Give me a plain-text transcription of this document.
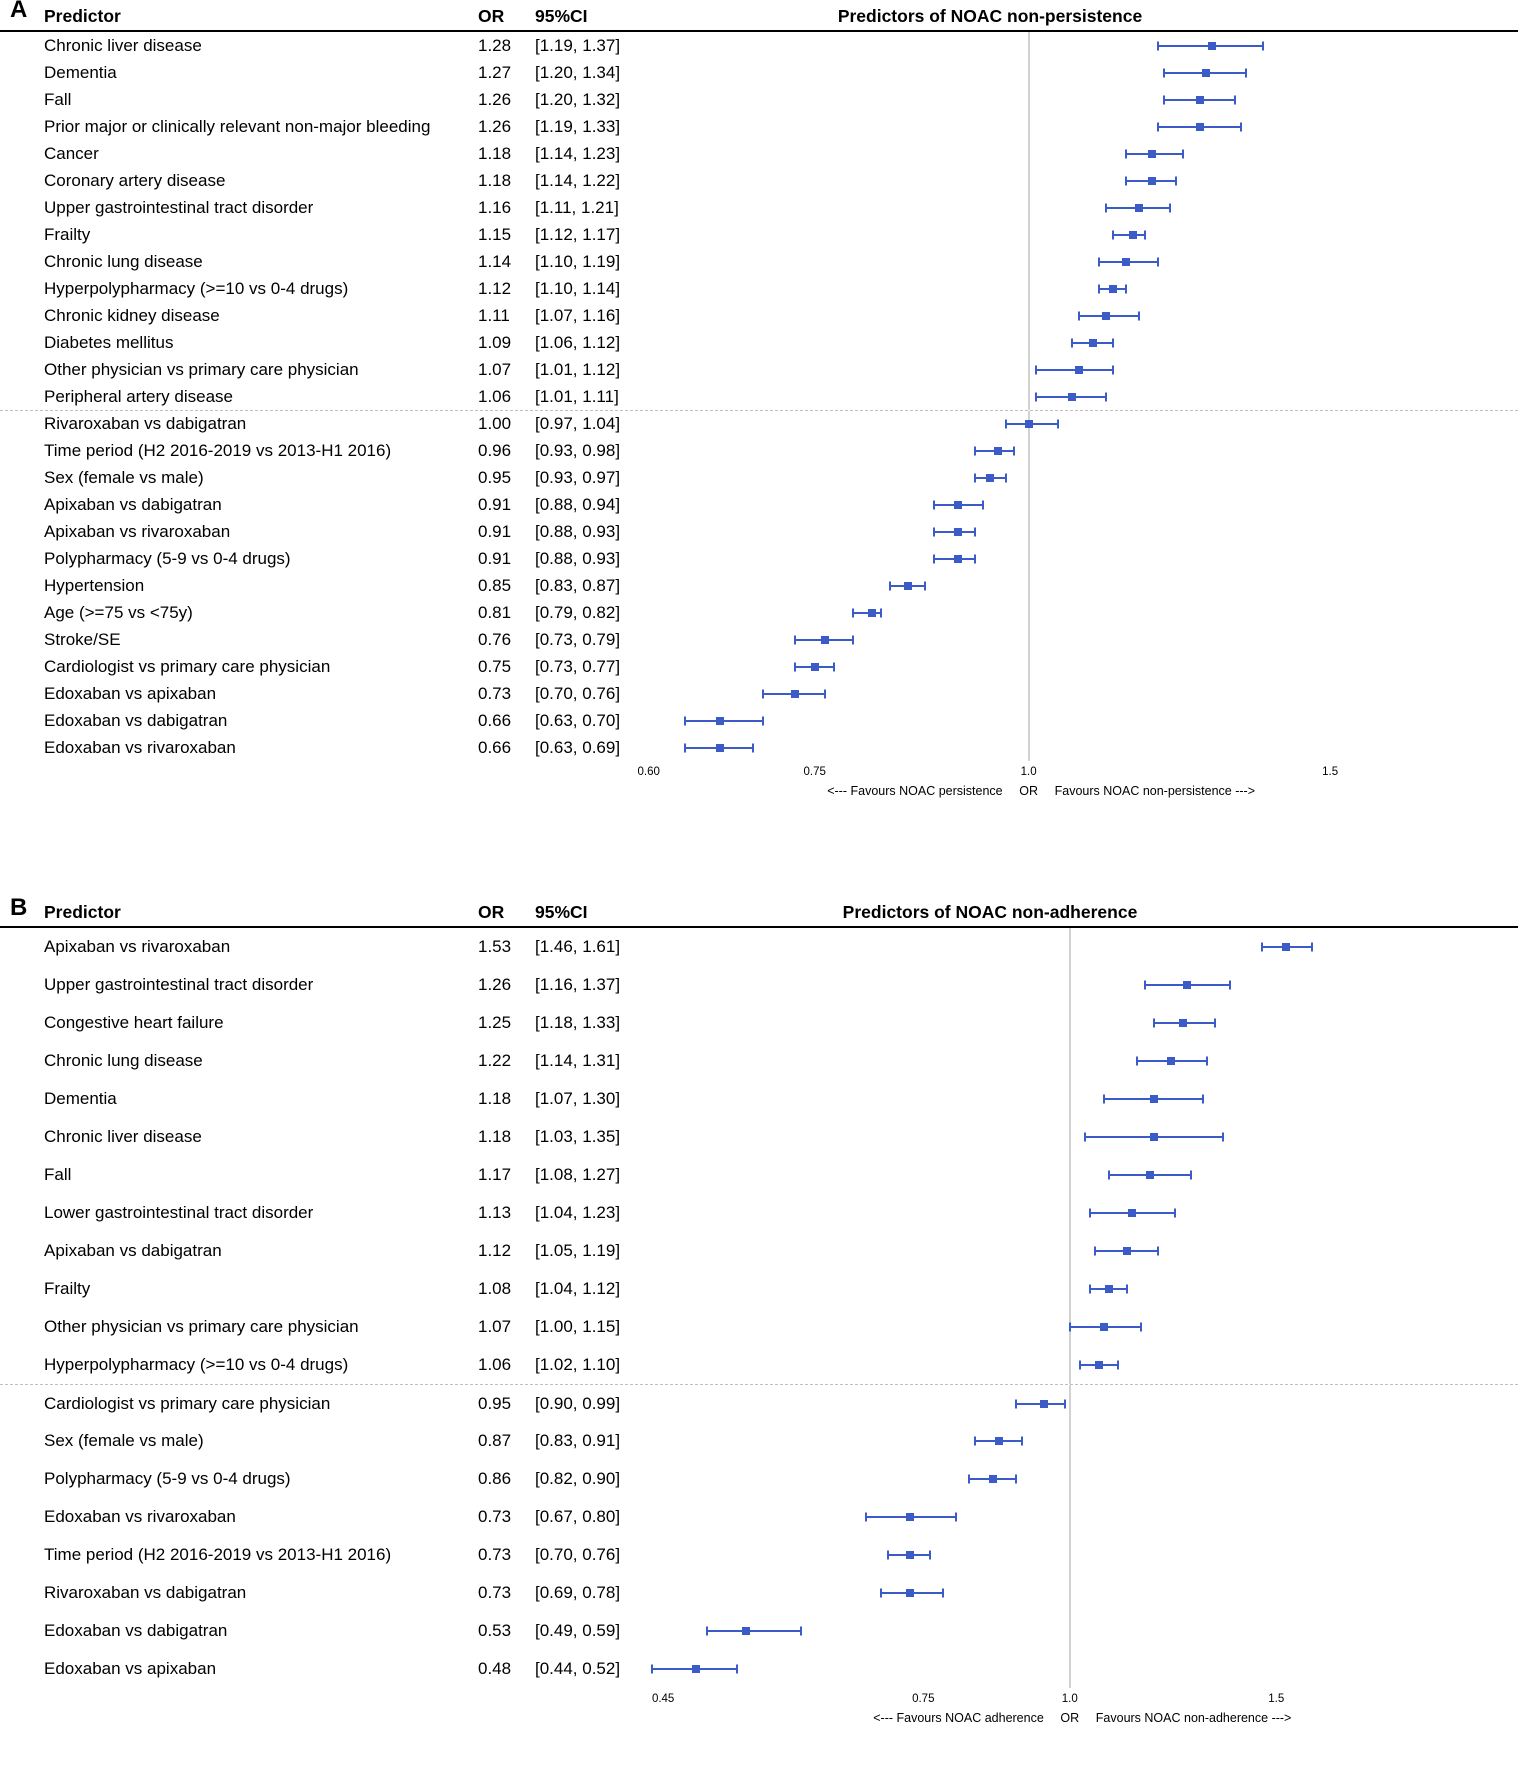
A Predictor	OR	95%CI	Predictors of NOAC non-persistence
Chronic liver disease	1.28	[1.19, 1.37]
Dementia	1.27	[1.20, 1.34]
Fall	1.26	[1.20, 1.32]
Prior major or clinically relevant non-major bleeding	1.26	[1.19, 1.33]
Cancer	1.18	[1.14, 1.23]
Coronary artery disease	1.18	[1.14, 1.22]
Upper gastrointestinal tract disorder	1.16	[1.11, 1.21]
Frailty	1.15	[1.12, 1.17]
Chronic lung disease	1.14	[1.10, 1.19]
Hyperpolypharmacy (>=10 vs 0-4 drugs)	1.12	[1.10, 1.14]
Chronic kidney disease	1.11	[1.07, 1.16]
Diabetes mellitus	1.09	[1.06, 1.12]
Other physician vs primary care physician	1.07	[1.01, 1.12]
Peripheral artery disease	1.06	[1.01, 1.11]
Rivaroxaban vs dabigatran	1.00	[0.97, 1.04]
Time period (H2 2016-2019 vs 2013-H1 2016)	0.96	[0.93, 0.98]
Sex (female vs male)	0.95	[0.93, 0.97]
Apixaban vs dabigatran	0.91	[0.88, 0.94]
Apixaban vs rivaroxaban	0.91	[0.88, 0.93]
Polypharmacy (5-9 vs 0-4 drugs)	0.91	[0.88, 0.93]
Hypertension	0.85	[0.83, 0.87]
Age (>=75 vs <75y)	0.81	[0.79, 0.82]
Stroke/SE	0.76	[0.73, 0.79]
Cardiologist vs primary care physician	0.75	[0.73, 0.77]
Edoxaban vs apixaban	0.73	[0.70, 0.76]
Edoxaban vs dabigatran	0.66	[0.63, 0.70]
Edoxaban vs rivaroxaban	0.66	[0.63, 0.69]
0.60	0.75	1.0	1.5
<--- Favours NOAC persistence OR Favours NOAC non-persistence --->
B Predictor	OR	95%CI	Predictors of NOAC non-adherence
Apixaban vs rivaroxaban	1.53	[1.46, 1.61]
Upper gastrointestinal tract disorder	1.26	[1.16, 1.37]
Congestive heart failure	1.25	[1.18, 1.33]
Chronic lung disease	1.22	[1.14, 1.31]
Dementia	1.18	[1.07, 1.30]
Chronic liver disease	1.18	[1.03, 1.35]
Fall	1.17	[1.08, 1.27]
Lower gastrointestinal tract disorder	1.13	[1.04, 1.23]
Apixaban vs dabigatran	1.12	[1.05, 1.19]
Frailty	1.08	[1.04, 1.12]
Other physician vs primary care physician	1.07	[1.00, 1.15]
Hyperpolypharmacy (>=10 vs 0-4 drugs)	1.06	[1.02, 1.10]
Cardiologist vs primary care physician	0.95	[0.90, 0.99]
Sex (female vs male)	0.87	[0.83, 0.91]
Polypharmacy (5-9 vs 0-4 drugs)	0.86	[0.82, 0.90]
Edoxaban vs rivaroxaban	0.73	[0.67, 0.80]
Time period (H2 2016-2019 vs 2013-H1 2016)	0.73	[0.70, 0.76]
Rivaroxaban vs dabigatran	0.73	[0.69, 0.78]
Edoxaban vs dabigatran	0.53	[0.49, 0.59]
Edoxaban vs apixaban	0.48	[0.44, 0.52]
0.45	0.75	1.0	1.5
<--- Favours NOAC adherence OR Favours NOAC non-adherence --->
